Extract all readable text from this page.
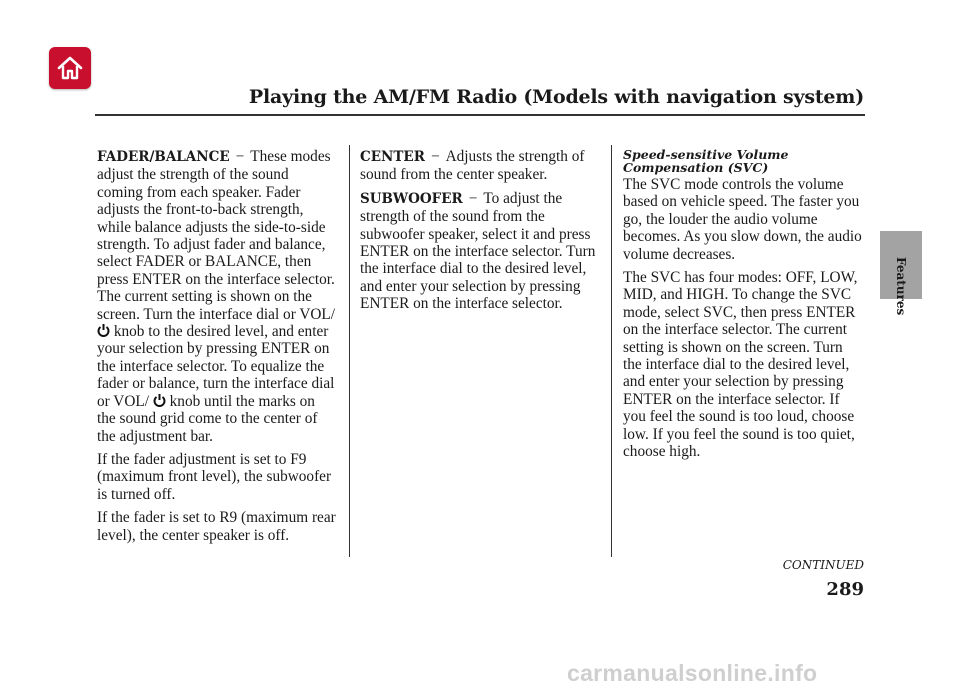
Playing the AM/FM Radio (Models with navigation system)

FADER/BALANCE − These modes adjust the strength of the sound coming from each speaker. Fader adjusts the front-to-back strength, while balance adjusts the side-to-side strength. To adjust fader and balance, select FADER or BALANCE, then press ENTER on the interface selector. The current setting is shown on the screen. Turn the interface dial or VOL/  knob to the desired level, and enter your selection by pressing ENTER on the interface selector. To equalize the fader or balance, turn the interface dial or VOL/ knob until the marks on the sound grid come to the center of the adjustment bar.

If the fader adjustment is set to F9 (maximum front level), the subwoofer is turned off.

If the fader is set to R9 (maximum rear level), the center speaker is off.

CENTER − Adjusts the strength of sound from the center speaker.

SUBWOOFER − To adjust the strength of the sound from the subwoofer speaker, select it and press ENTER on the interface selector. Turn the interface dial to the desired level, and enter your selection by pressing ENTER on the interface selector.

Speed-sensitive Volume
Compensation (SVC)

The SVC mode controls the volume based on vehicle speed. The faster you go, the louder the audio volume becomes. As you slow down, the audio volume decreases.

The SVC has four modes: OFF, LOW, MID, and HIGH. To change the SVC mode, select SVC, then press ENTER on the interface selector. The current setting is shown on the screen. Turn the interface dial to the desired level, and enter your selection by pressing ENTER on the interface selector. If you feel the sound is too loud, choose low. If you feel the sound is too quiet, choose high.

Features
CONTINUED
289
carmanualsonline.info
